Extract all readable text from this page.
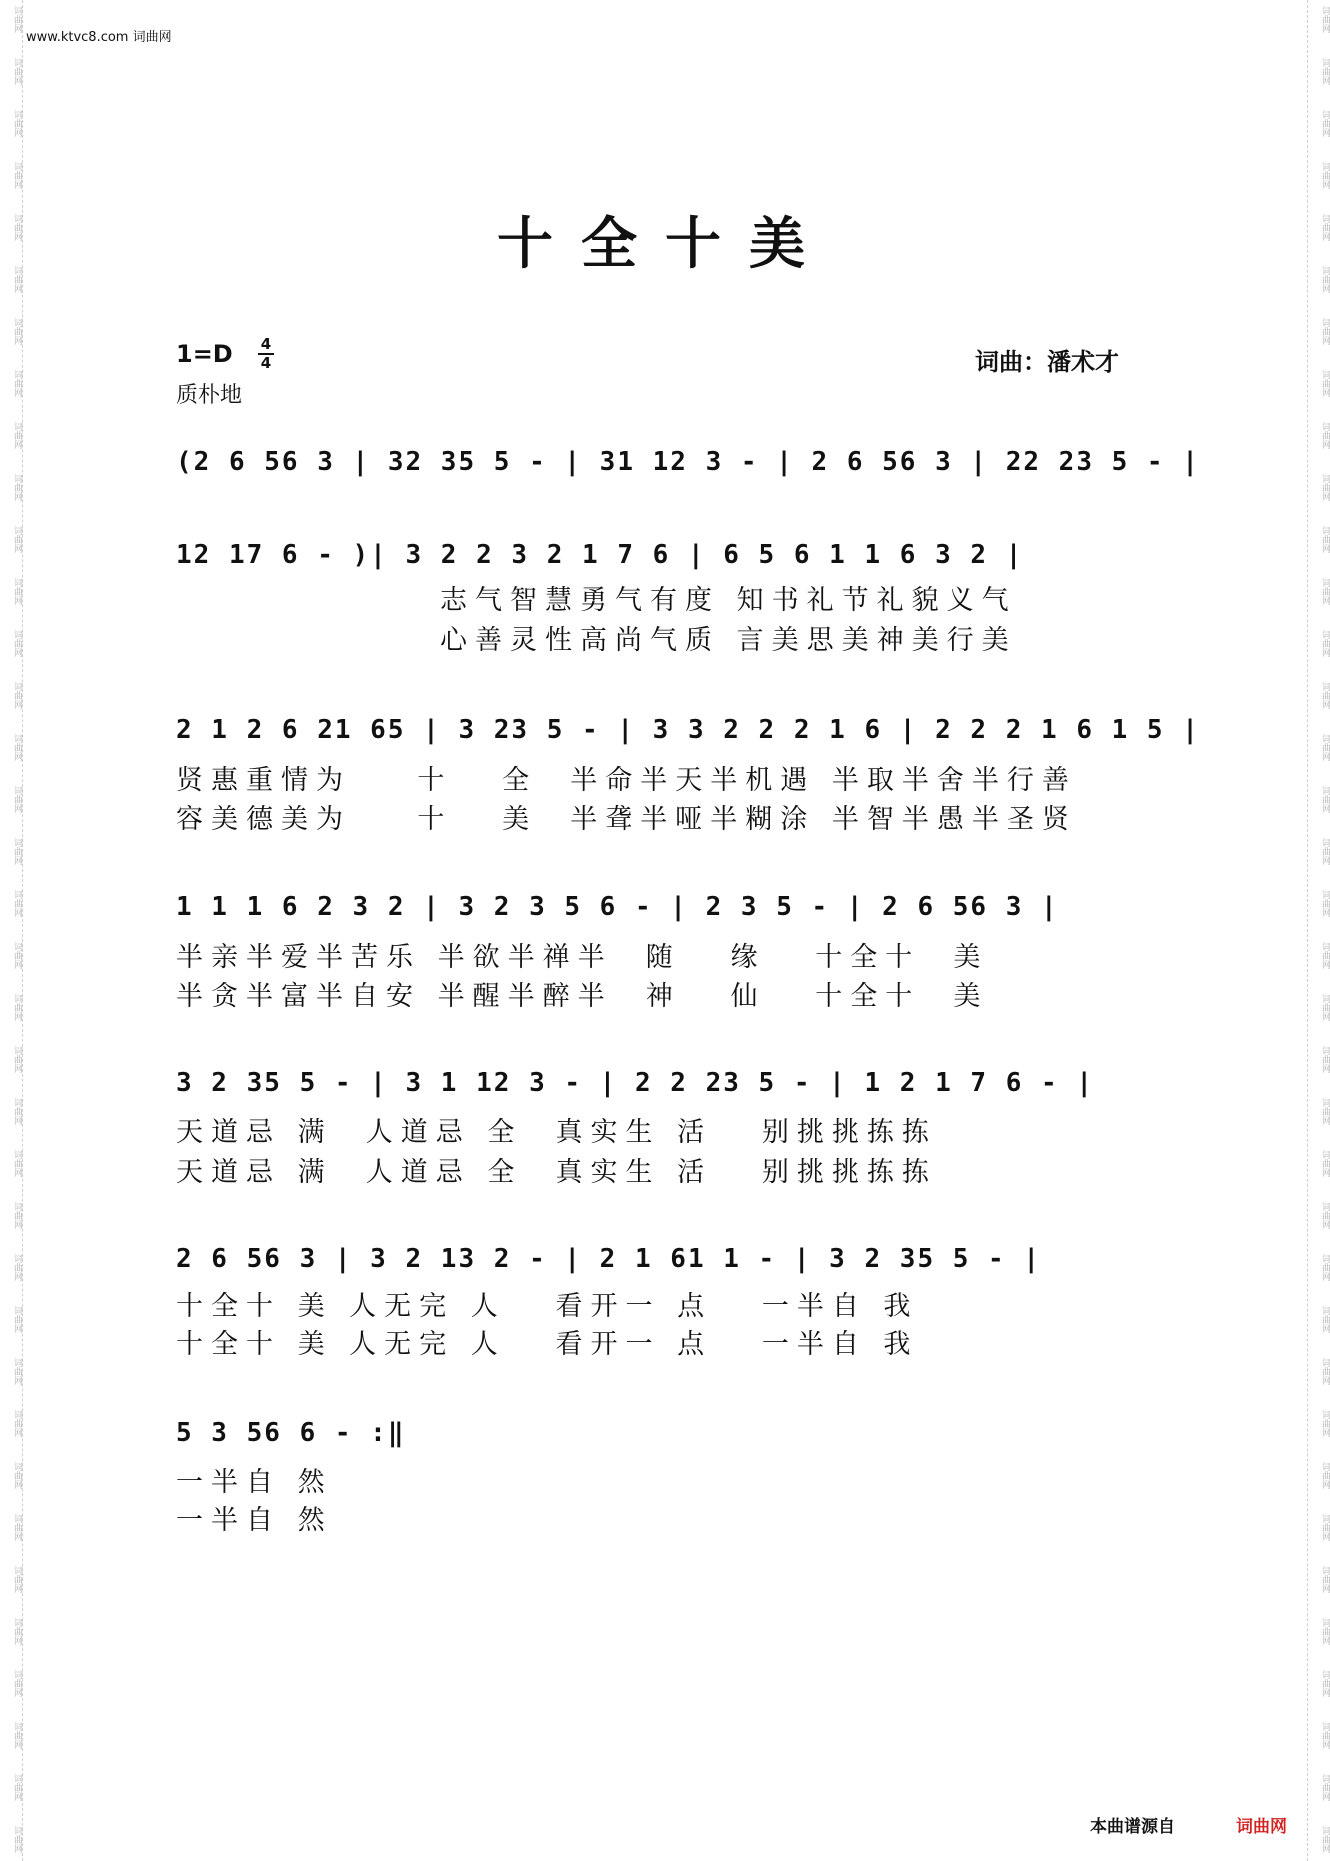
词曲网
词曲网
词曲网
词曲网
词曲网
词曲网
词曲网
词曲网
词曲网
词曲网
词曲网
词曲网
词曲网
词曲网
词曲网
词曲网
词曲网
词曲网
词曲网
词曲网
词曲网
词曲网
词曲网
词曲网
词曲网
词曲网
词曲网
词曲网
词曲网
词曲网
词曲网
词曲网
词曲网
词曲网
词曲网
词曲网
词曲网
词曲网
词曲网
词曲网
词曲网
词曲网
词曲网
词曲网
词曲网
词曲网
词曲网
词曲网
词曲网
词曲网
词曲网
词曲网
词曲网
词曲网
词曲网
词曲网
词曲网
词曲网
词曲网
词曲网
词曲网
词曲网
词曲网
词曲网
词曲网
词曲网
词曲网
词曲网
词曲网
词曲网
词曲网
词曲网
www.ktvc8.com 词曲网
十全十美
1=D 4
4
质朴地
词曲：潘术才
(2 6 56 3 | 32 35 5 - | 31 12 3 - | 2 6 56 3 | 22 23 5 - |
12 17 6 - )| 3 2 2 3 2 1 7 6 | 6 5 6 1 1 6 3 2 |
志气智慧勇气有度 知书礼节礼貌义气
心善灵性高尚气质 言美思美神美行美
2 1 2 6 21 65 | 3 23 5 - | 3 3 2 2 2 1 6 | 2 2 2 1 6 1 5 |
贤惠重情为    十   全  半命半天半机遇 半取半舍半行善
容美德美为    十   美  半聋半哑半糊涂 半智半愚半圣贤
1 1 1 6 2 3 2 | 3 2 3 5 6 - | 2 3 5 - | 2 6 56 3 |
半亲半爱半苦乐 半欲半禅半  随   缘   十全十  美
半贪半富半自安 半醒半醉半  神   仙   十全十  美
3 2 35 5 - | 3 1 12 3 - | 2 2 23 5 - | 1 2 1 7 6 - |
天道忌 满  人道忌 全  真实生 活   别挑挑拣拣
天道忌 满  人道忌 全  真实生 活   别挑挑拣拣
2 6 56 3 | 3 2 13 2 - | 2 1 61 1 - | 3 2 35 5 - |
十全十 美 人无完 人   看开一 点   一半自 我
十全十 美 人无完 人   看开一 点   一半自 我
5 3 56 6 - :‖
一半自 然
一半自 然
本曲谱源自	词曲网
